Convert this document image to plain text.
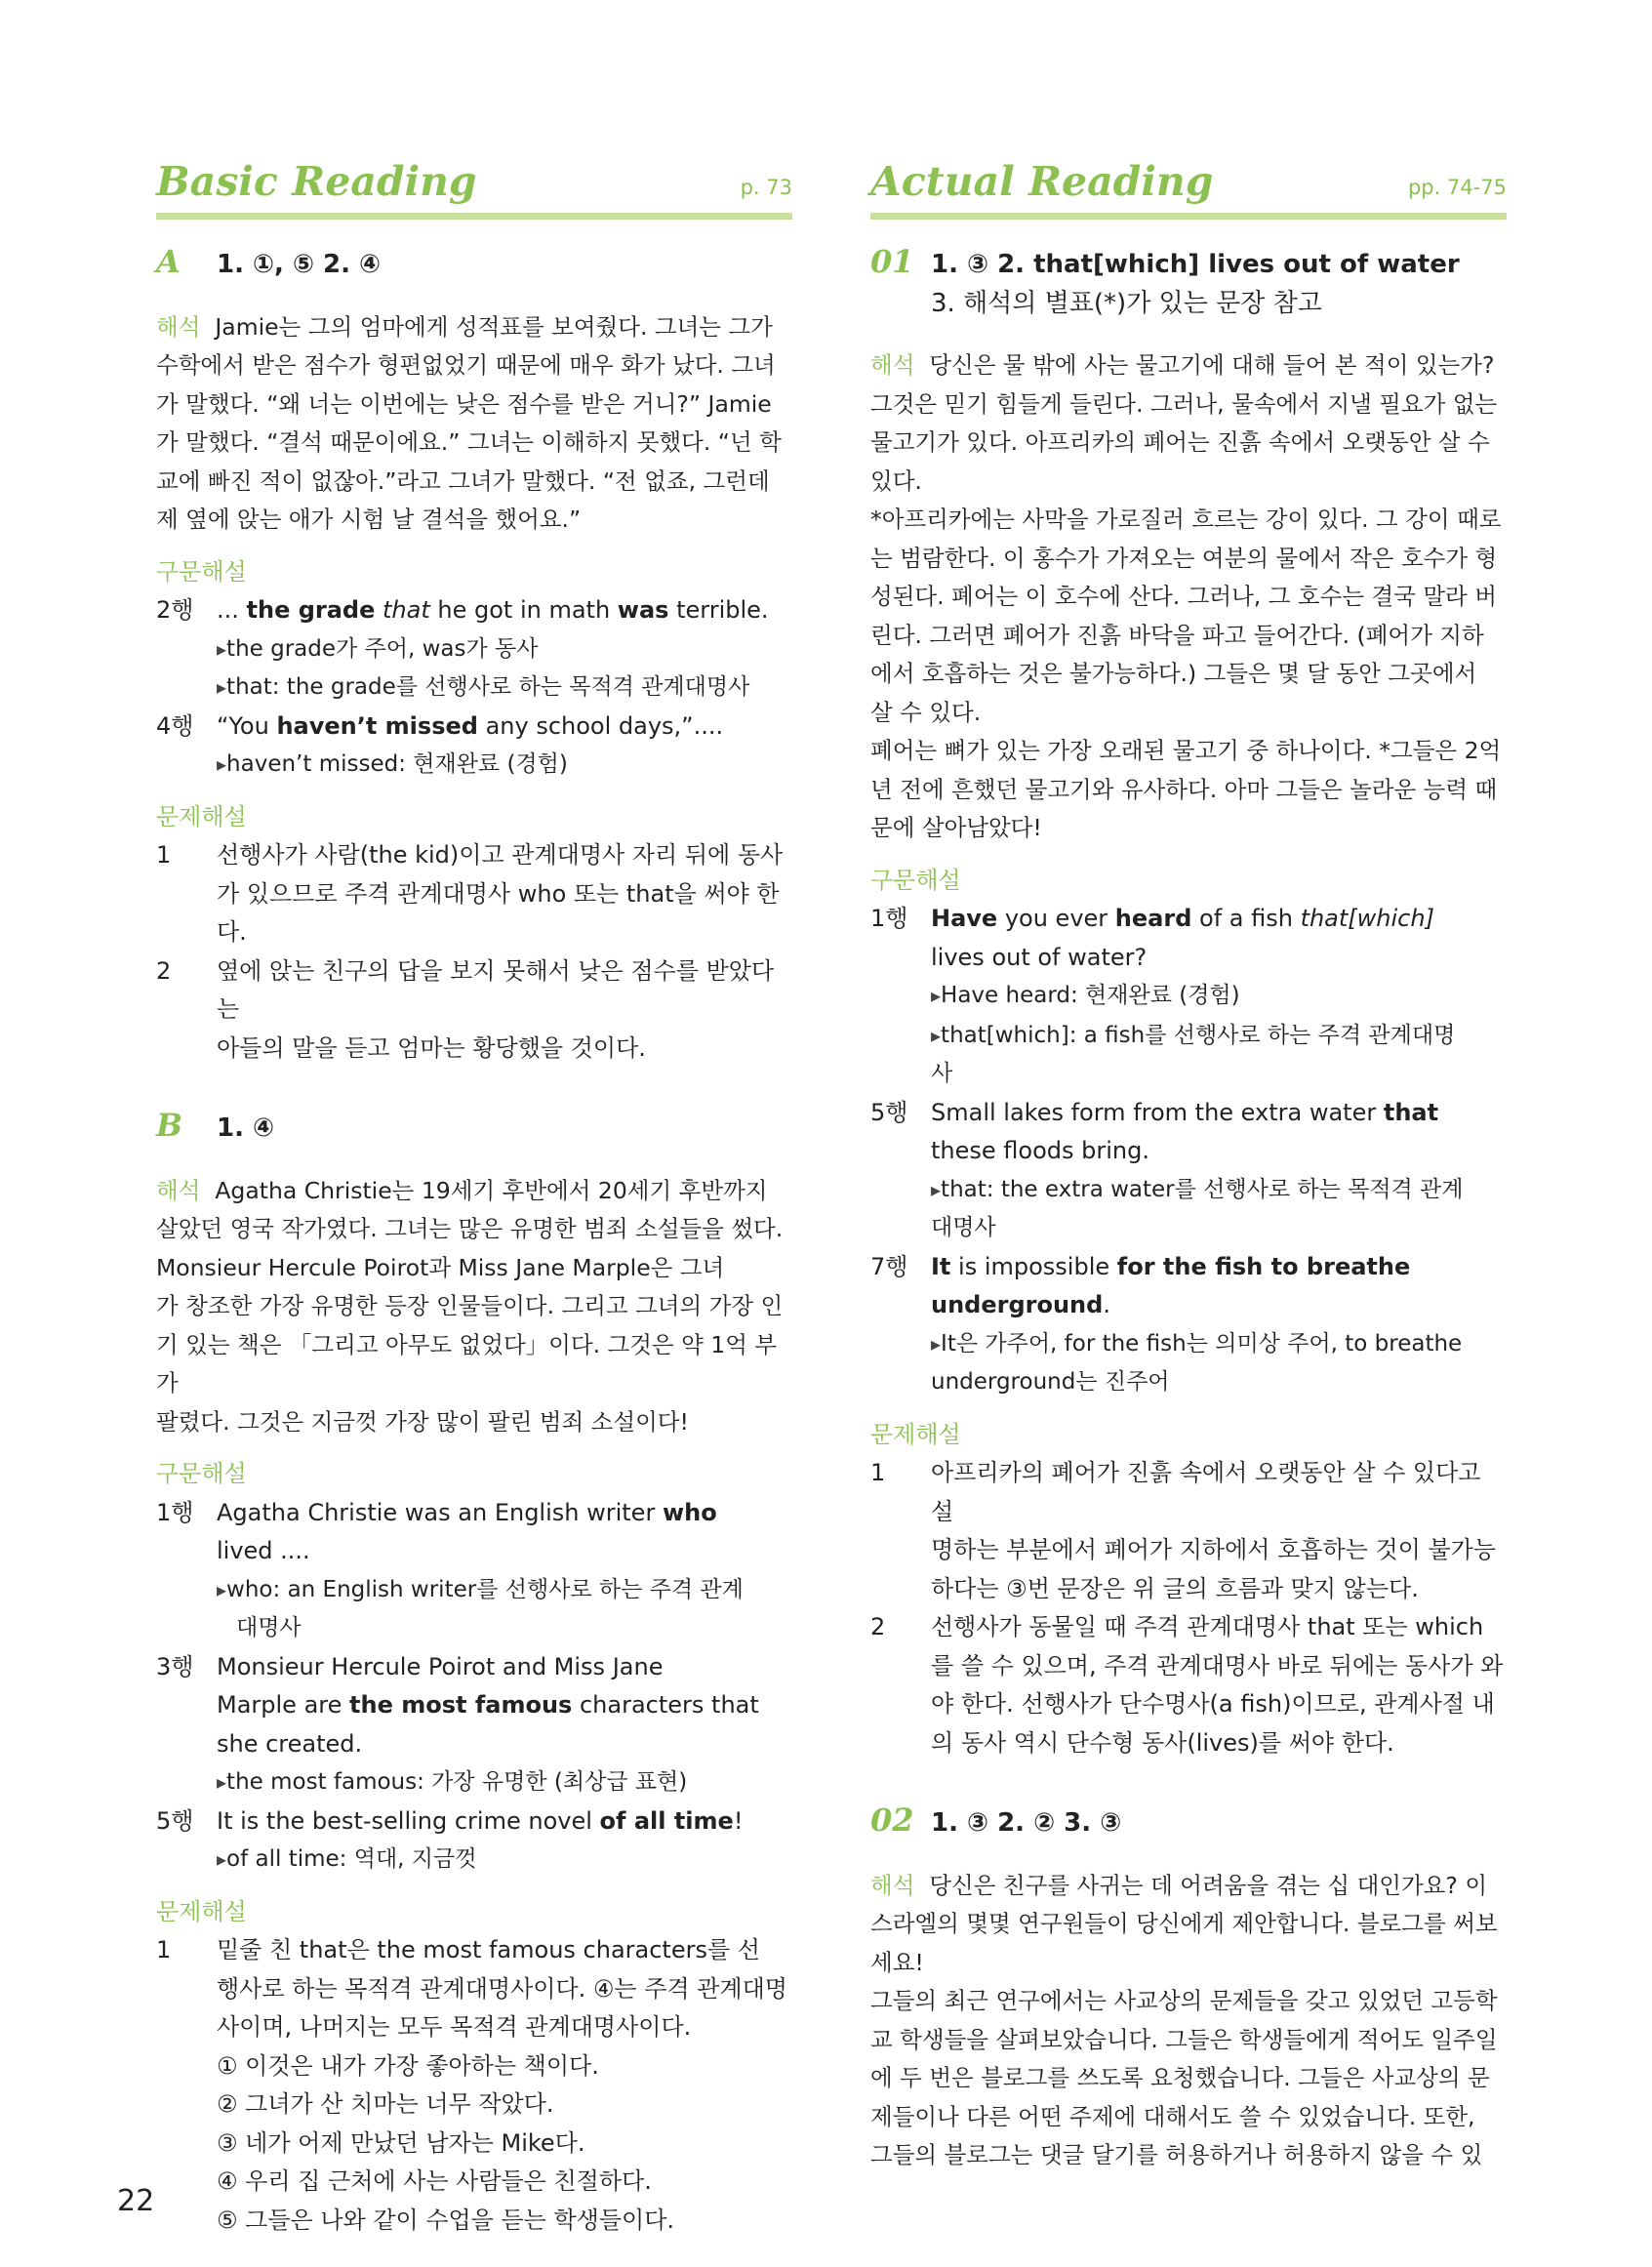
Basic Reading	p. 73
A 1. ①, ⑤ 2. ④
해석 Jamie는 그의 엄마에게 성적표를 보여줬다. 그녀는 그가
수학에서 받은 점수가 형편없었기 때문에 매우 화가 났다. 그녀
가 말했다. “왜 너는 이번에는 낮은 점수를 받은 거니?” Jamie
가 말했다. “결석 때문이에요.” 그녀는 이해하지 못했다. “넌 학
교에 빠진 적이 없잖아.”라고 그녀가 말했다. “전 없죠, 그런데
제 옆에 앉는 애가 시험 날 결석을 했어요.”
구문해설
2행 ... the grade that he got in math was terrible.
▸ the grade가 주어, was가 동사
▸ that: the grade를 선행사로 하는 목적격 관계대명사
4행 “You haven’t missed any school days,”....
▸ haven’t missed: 현재완료 (경험)
문제해설
1	선행사가 사람(the kid)이고 관계대명사 자리 뒤에 동사
가 있으므로 주격 관계대명사 who 또는 that을 써야 한다.
2	옆에 앉는 친구의 답을 보지 못해서 낮은 점수를 받았다는
아들의 말을 듣고 엄마는 황당했을 것이다.
B 1. ④
해석 Agatha Christie는 19세기 후반에서 20세기 후반까지
살았던 영국 작가였다. 그녀는 많은 유명한 범죄 소설들을 썼다.
Monsieur Hercule Poirot과 Miss Jane Marple은 그녀
가 창조한 가장 유명한 등장 인물들이다. 그리고 그녀의 가장 인
기 있는 책은 「그리고 아무도 없었다」이다. 그것은 약 1억 부가
팔렸다. 그것은 지금껏 가장 많이 팔린 범죄 소설이다!
구문해설
1행 Agatha Christie was an English writer who
lived ....
▸ who: an English writer를 선행사로 하는 주격 관계
대명사
3행 Monsieur Hercule Poirot and Miss Jane
Marple are the most famous characters that
she created.
▸ the most famous: 가장 유명한 (최상급 표현)
5행 It is the best-selling crime novel of all time!
▸ of all time: 역대, 지금껏
문제해설
1	밑줄 친 that은 the most famous characters를 선
행사로 하는 목적격 관계대명사이다. ④는 주격 관계대명
사이며, 나머지는 모두 목적격 관계대명사이다.
① 이것은 내가 가장 좋아하는 책이다.
② 그녀가 산 치마는 너무 작았다.
③ 네가 어제 만났던 남자는 Mike다.
④ 우리 집 근처에 사는 사람들은 친절하다.
⑤ 그들은 나와 같이 수업을 듣는 학생들이다.
Actual Reading	pp. 74-75
01 1. ③ 2. that[which] lives out of water
3. 해석의 별표(*)가 있는 문장 참고
해석 당신은 물 밖에 사는 물고기에 대해 들어 본 적이 있는가?
그것은 믿기 힘들게 들린다. 그러나, 물속에서 지낼 필요가 없는
물고기가 있다. 아프리카의 폐어는 진흙 속에서 오랫동안 살 수
있다.
*아프리카에는 사막을 가로질러 흐르는 강이 있다. 그 강이 때로
는 범람한다. 이 홍수가 가져오는 여분의 물에서 작은 호수가 형
성된다. 폐어는 이 호수에 산다. 그러나, 그 호수는 결국 말라 버
린다. 그러면 폐어가 진흙 바닥을 파고 들어간다. (폐어가 지하
에서 호흡하는 것은 불가능하다.) 그들은 몇 달 동안 그곳에서
살 수 있다.
폐어는 뼈가 있는 가장 오래된 물고기 중 하나이다. *그들은 2억
년 전에 흔했던 물고기와 유사하다. 아마 그들은 놀라운 능력 때
문에 살아남았다!
구문해설
1행 Have you ever heard of a fish that[which]
lives out of water?
▸ Have heard: 현재완료 (경험)
▸ that[which]: a fish를 선행사로 하는 주격 관계대명
사
5행 Small lakes form from the extra water that
these floods bring.
▸ that: the extra water를 선행사로 하는 목적격 관계
대명사
7행 It is impossible for the fish to breathe
underground.
▸ It은 가주어, for the fish는 의미상 주어, to breathe
underground는 진주어
문제해설
1	아프리카의 폐어가 진흙 속에서 오랫동안 살 수 있다고 설
명하는 부분에서 폐어가 지하에서 호흡하는 것이 불가능
하다는 ③번 문장은 위 글의 흐름과 맞지 않는다.
2	선행사가 동물일 때 주격 관계대명사 that 또는 which
를 쓸 수 있으며, 주격 관계대명사 바로 뒤에는 동사가 와
야 한다. 선행사가 단수명사(a fish)이므로, 관계사절 내
의 동사 역시 단수형 동사(lives)를 써야 한다.
02 1. ③ 2. ② 3. ③
해석 당신은 친구를 사귀는 데 어려움을 겪는 십 대인가요? 이
스라엘의 몇몇 연구원들이 당신에게 제안합니다. 블로그를 써보
세요!
그들의 최근 연구에서는 사교상의 문제들을 갖고 있었던 고등학
교 학생들을 살펴보았습니다. 그들은 학생들에게 적어도 일주일
에 두 번은 블로그를 쓰도록 요청했습니다. 그들은 사교상의 문
제들이나 다른 어떤 주제에 대해서도 쓸 수 있었습니다. 또한,
그들의 블로그는 댓글 달기를 허용하거나 허용하지 않을 수 있
22
